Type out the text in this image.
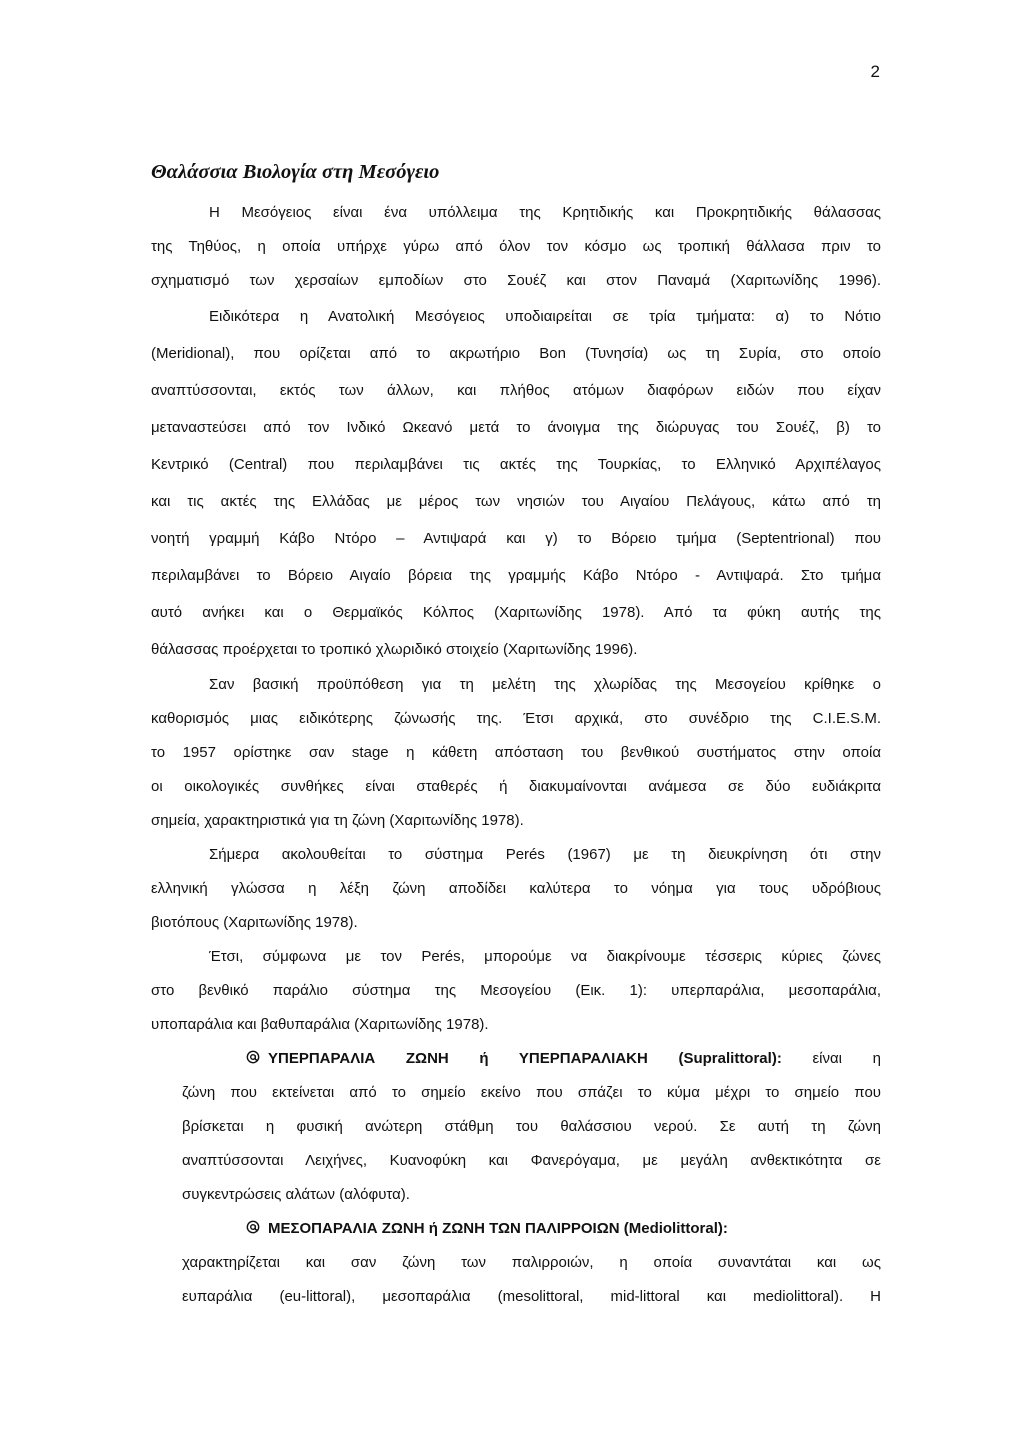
2
Θαλάσσια Βιολογία στη Μεσόγειο
Η Μεσόγειος είναι ένα υπόλλειμα της Κρητιδικής και Προκρητιδικής θάλασσας
της Τηθύος, η οποία υπήρχε γύρω από όλον τον κόσμο ως τροπική θάλλασα πριν το
σχηματισμό των χερσαίων εμποδίων στο Σουέζ και στον Παναμά (Χαριτωνίδης 1996).
Ειδικότερα η Ανατολική Μεσόγειος υποδιαιρείται σε τρία τμήματα: α) το Νότιο
(Meridional), που ορίζεται από το ακρωτήριο Bon (Τυνησία) ως τη Συρία, στο οποίο
αναπτύσσονται, εκτός των άλλων, και πλήθος ατόμων διαφόρων ειδών που είχαν
μεταναστεύσει από τον Ινδικό Ωκεανό μετά το άνοιγμα της διώρυγας του Σουέζ, β) το
Κεντρικό (Central) που περιλαμβάνει τις ακτές της Τουρκίας, το Ελληνικό Αρχιπέλαγος
και τις ακτές της Ελλάδας με μέρος των νησιών του Αιγαίου Πελάγους, κάτω από τη
νοητή γραμμή Κάβο Ντόρο – Αντιψαρά και γ) το Βόρειο τμήμα (Septentrional) που
περιλαμβάνει το Βόρειο Αιγαίο βόρεια της γραμμής Κάβο Ντόρο - Αντιψαρά. Στο τμήμα
αυτό ανήκει και ο Θερμαϊκός Κόλπος (Χαριτωνίδης 1978). Από τα φύκη αυτής της
θάλασσας προέρχεται το τροπικό χλωριδικό στοιχείο (Χαριτωνίδης 1996).
Σαν βασική προϋπόθεση για τη μελέτη της χλωρίδας της Μεσογείου κρίθηκε ο
καθορισμός μιας ειδικότερης ζώνωσής της. Έτσι αρχικά, στο συνέδριο της C.I.E.S.M.
το 1957 ορίστηκε σαν stage η κάθετη απόσταση του βενθικού συστήματος στην οποία
οι οικολογικές συνθήκες είναι σταθερές ή διακυμαίνονται ανάμεσα σε δύο ευδιάκριτα
σημεία, χαρακτηριστικά για τη ζώνη (Χαριτωνίδης 1978).
Σήμερα ακολουθείται το σύστημα Perés (1967) με τη διευκρίνηση ότι στην
ελληνική γλώσσα η λέξη ζώνη αποδίδει καλύτερα το νόημα για τους υδρόβιους
βιοτόπους (Χαριτωνίδης 1978).
Έτσι, σύμφωνα με τον Perés, μπορούμε να διακρίνουμε τέσσερις κύριες ζώνες
στο βενθικό παράλιο σύστημα της Μεσογείου (Εικ. 1): υπερπαράλια, μεσοπαράλια,
υποπαράλια και βαθυπαράλια (Χαριτωνίδης 1978).
ΥΠΕΡΠΑΡΑΛΙΑ ΖΩΝΗ ή ΥΠΕΡΠΑΡΑΛΙΑΚΗ (Supralittoral): είναι η
ζώνη που εκτείνεται από το σημείο εκείνο που σπάζει το κύμα μέχρι το σημείο που
βρίσκεται η φυσική ανώτερη στάθμη του θαλάσσιου νερού. Σε αυτή τη ζώνη
αναπτύσσονται Λειχήνες, Κυανοφύκη και Φανερόγαμα, με μεγάλη ανθεκτικότητα σε
συγκεντρώσεις αλάτων (αλόφυτα).
ΜΕΣΟΠΑΡΑΛΙΑ ΖΩΝΗ ή ΖΩΝΗ ΤΩΝ ΠΑΛΙΡΡΟΙΩΝ (Mediolittoral):
χαρακτηρίζεται και σαν ζώνη των παλιρροιών, η οποία συναντάται και ως
ευπαράλια (eu-littoral), μεσοπαράλια (mesolittoral, mid-littoral και mediolittoral). Η
